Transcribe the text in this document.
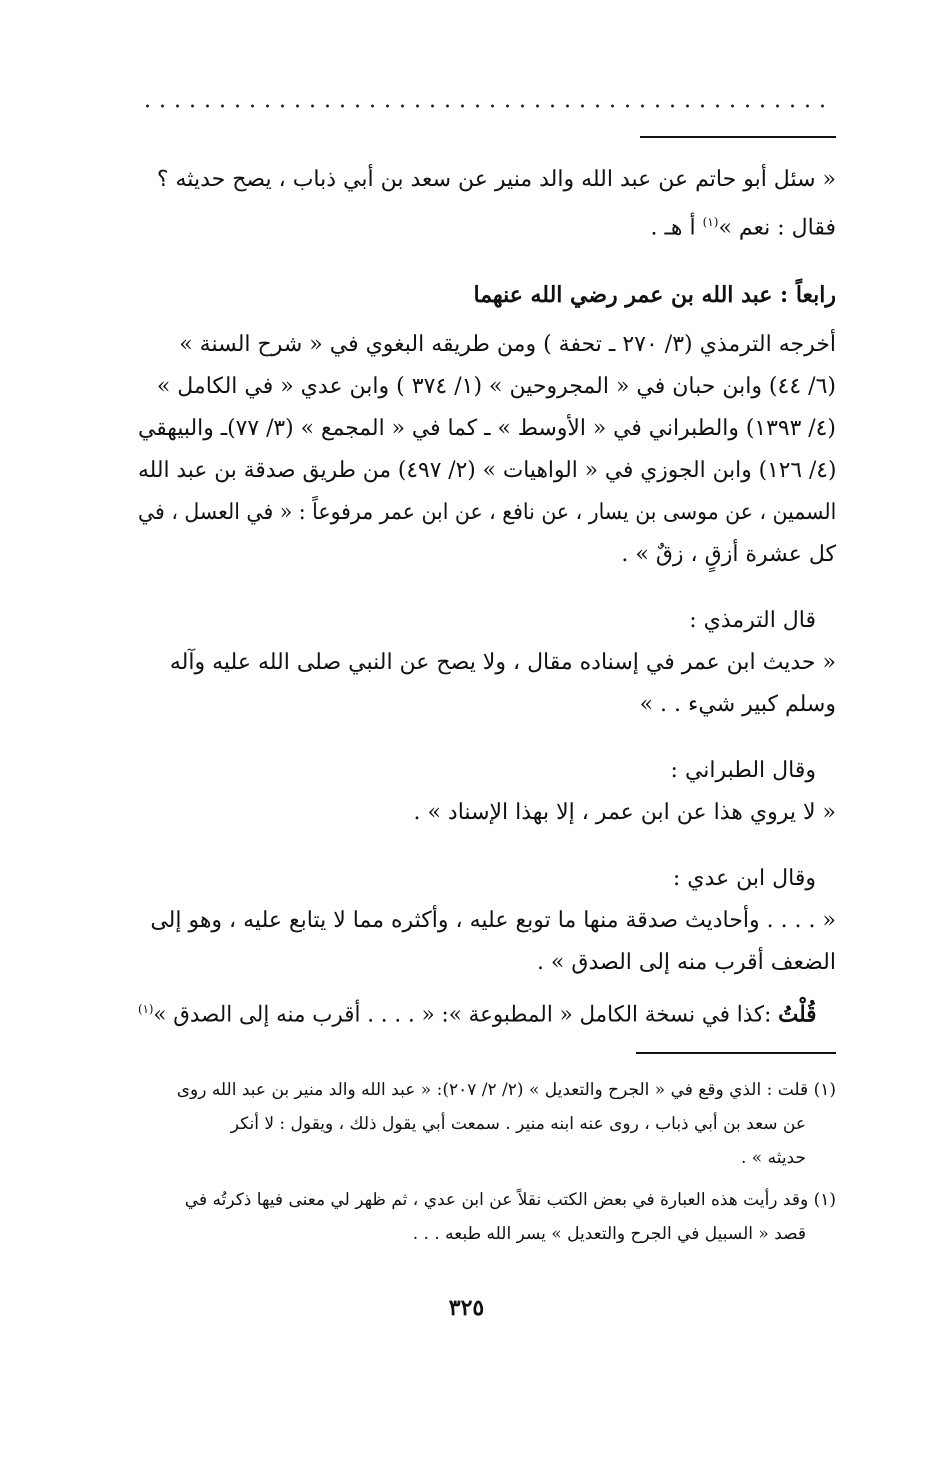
« سئل أبو حاتم عن عبد الله والد منير عن سعد بن أبي ذباب ، يصح حديثه ؟
فقال : نعم »$^{(١)}$ أ هـ .
رابعاً : عبد الله بن عمر رضي الله عنهما
أخرجه الترمذي (٣/ ٢٧٠ ـ تحفة ) ومن طريقه البغوي في « شرح السنة »
(٦/ ٤٤) وابن حبان في « المجروحين » (١/ ٣٧٤ ) وابن عدي « في الكامل »
(٤/ ١٣٩٣) والطبراني في « الأوسط » ـ كما في « المجمع » (٣/ ٧٧)ـ والبيهقي
(٤/ ١٢٦) وابن الجوزي في « الواهيات » (٢/ ٤٩٧) من طريق صدقة بن عبد الله
السمين ، عن موسى بن يسار ، عن نافع ، عن ابن عمر مرفوعاً : « في العسل ، في
كل عشرة أزقٍ ، زقٌ » .
قال الترمذي :
« حديث ابن عمر في إسناده مقال ، ولا يصح عن النبي صلى الله عليه وآله
وسلم كبير شيء . . »
وقال الطبراني :
« لا يروي هذا عن ابن عمر ، إلا بهذا الإسناد » .
وقال ابن عدي :
« . . . . وأحاديث صدقة منها ما توبع عليه ، وأكثره مما لا يتابع عليه ، وهو إلى
الضعف أقرب منه إلى الصدق » .
قُلْتُ :كذا في نسخة الكامل « المطبوعة »: « . . . . أقرب منه إلى الصدق »$^{(١)}$
(١) قلت : الذي وقع في « الجرح والتعديل » (٢/ ٢/ ٢٠٧): « عبد الله والد منير بن عبد الله روى
عن سعد بن أبي ذباب ، روى عنه ابنه منير . سمعت أبي يقول ذلك ، ويقول : لا أنكر
حديثه » .
(١) وقد رأيت هذه العبارة في بعض الكتب نقلاً عن ابن عدي ، ثم ظهر لي معنى فيها ذكرتُه في
قصد « السبيل في الجرح والتعديل » يسر الله طبعه . . .
٣٢٥
